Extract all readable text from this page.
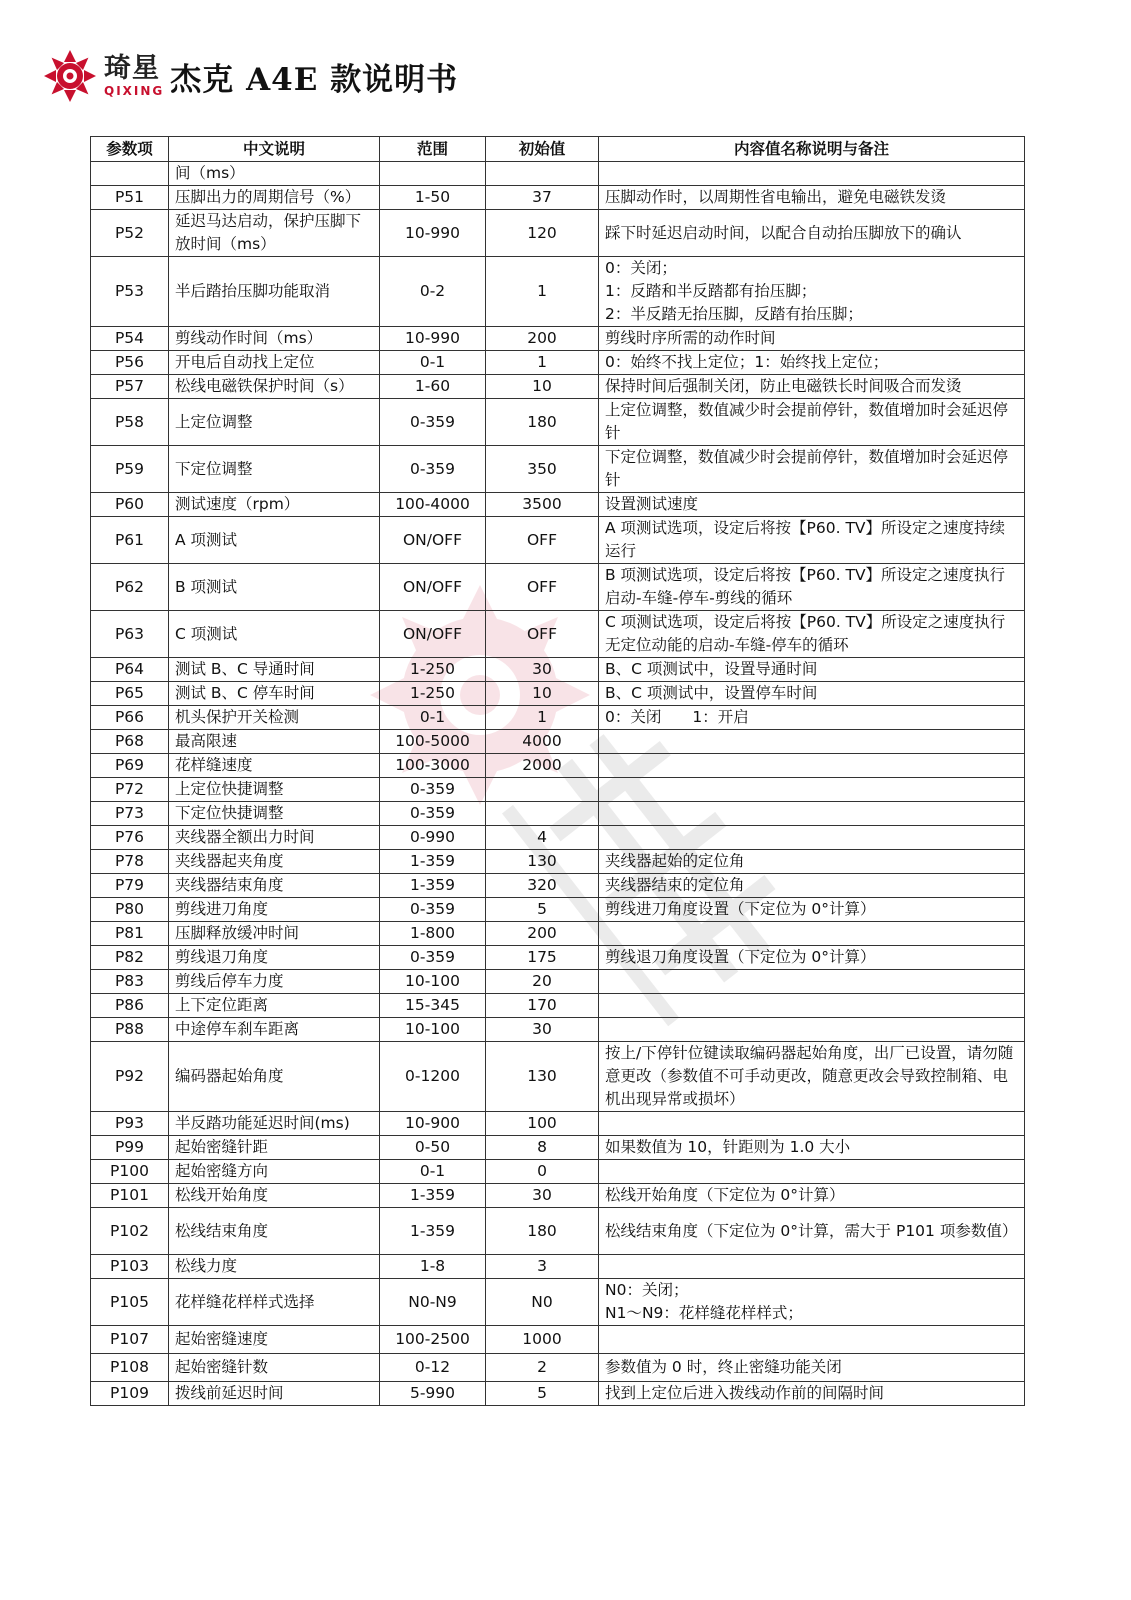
琦星
QIXING 杰克 A4E 款说明书
参数项	中文说明	范围	初始值	内容值名称说明与备注
	间（ms）			
P51	压脚出力的周期信号（%）	1-50	37	压脚动作时，以周期性省电输出，避免电磁铁发烫

P52	延迟马达启动，保护压脚下放时间（ms）	10-990	120	踩下时延迟启动时间，以配合自动抬压脚放下的确认

P53	半后踏抬压脚功能取消	0-2	1	0：关闭；
1：反踏和半反踏都有抬压脚；
2：半反踏无抬压脚，反踏有抬压脚；

P54	剪线动作时间（ms）	10-990	200	剪线时序所需的动作时间

P56	开电后自动找上定位	0-1	1	0：始终不找上定位；1：始终找上定位；

P57	松线电磁铁保护时间（s）	1-60	10	保持时间后强制关闭，防止电磁铁长时间吸合而发烫

P58	上定位调整	0-359	180	上定位调整，数值减少时会提前停针，数值增加时会延迟停针

P59	下定位调整	0-359	350	下定位调整，数值减少时会提前停针，数值增加时会延迟停针

P60	测试速度（rpm）	100-4000	3500	设置测试速度

P61	A 项测试	ON/OFF	OFF	A 项测试选项，设定后将按【P60. TV】所设定之速度持续运行

P62	B 项测试	ON/OFF	OFF	B 项测试选项，设定后将按【P60. TV】所设定之速度执行启动-车缝-停车-剪线的循环

P63	C 项测试	ON/OFF	OFF	C 项测试选项，设定后将按【P60. TV】所设定之速度执行无定位动能的启动-车缝-停车的循环

P64	测试 B、C 导通时间	1-250	30	B、C 项测试中，设置导通时间

P65	测试 B、C 停车时间	1-250	10	B、C 项测试中，设置停车时间

P66	机头保护开关检测	0-1	1	0：关闭　　1：开启

P68	最高限速	100-5000	4000	
P69	花样缝速度	100-3000	2000	
P72	上定位快捷调整	0-359		
P73	下定位快捷调整	0-359		
P76	夹线器全额出力时间	0-990	4	
P78	夹线器起夹角度	1-359	130	夹线器起始的定位角

P79	夹线器结束角度	1-359	320	夹线器结束的定位角

P80	剪线进刀角度	0-359	5	剪线进刀角度设置（下定位为 0°计算）

P81	压脚释放缓冲时间	1-800	200	
P82	剪线退刀角度	0-359	175	剪线退刀角度设置（下定位为 0°计算）

P83	剪线后停车力度	10-100	20	
P86	上下定位距离	15-345	170	
P88	中途停车刹车距离	10-100	30	
P92	编码器起始角度	0-1200	130	按上/下停针位键读取编码器起始角度，出厂已设置，请勿随意更改（参数值不可手动更改，随意更改会导致控制箱、电机出现异常或损坏）

P93	半反踏功能延迟时间(ms)	10-900	100	
P99	起始密缝针距	0-50	8	如果数值为 10，针距则为 1.0 大小

P100	起始密缝方向	0-1	0	
P101	松线开始角度	1-359	30	松线开始角度（下定位为 0°计算）

P102	松线结束角度	1-359	180	松线结束角度（下定位为 0°计算，需大于 P101 项参数值）

P103	松线力度	1-8	3	
P105	花样缝花样样式选择	N0-N9	N0	N0：关闭；
N1～N9：花样缝花样样式；

P107	起始密缝速度	100-2500	1000	
P108	起始密缝针数	0-12	2	参数值为 0 时，终止密缝功能关闭

P109	拨线前延迟时间	5-990	5	找到上定位后进入拨线动作前的间隔时间
